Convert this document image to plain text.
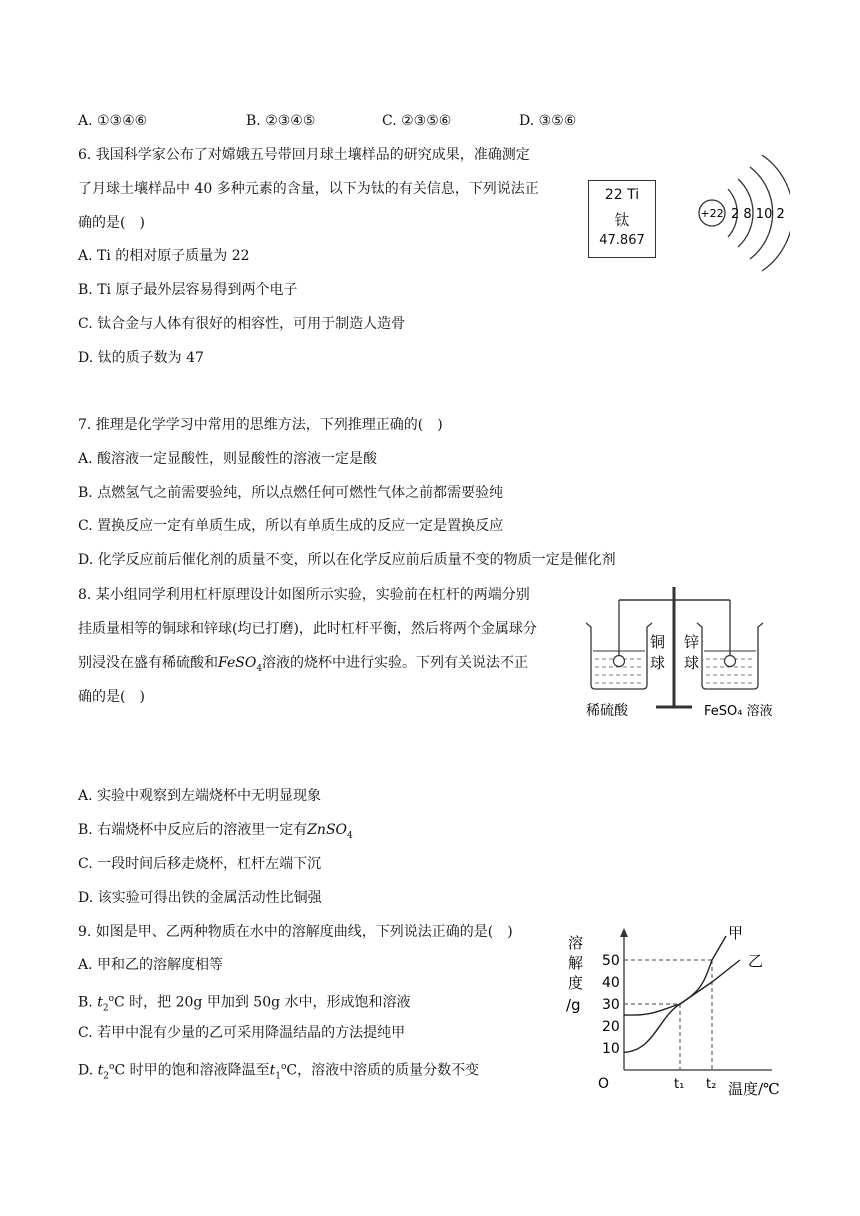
A. ①③④⑥	B. ②③④⑤	C. ②③⑤⑥	D. ③⑤⑥
6. 我国科学家公布了对嫦娥五号带回月球土壤样品的研究成果，准确测定
了月球土壤样品中 40 多种元素的含量，以下为钛的有关信息，下列说法正
确的是(　)
A. Ti 的相对原子质量为 22
B. Ti 原子最外层容易得到两个电子
C. 钛合金与人体有很好的相容性，可用于制造人造骨
D. 钛的质子数为 47
22 Ti
钛
47.867
+22 2 8 10 2
7. 推理是化学学习中常用的思维方法，下列推理正确的(　)
A. 酸溶液一定显酸性，则显酸性的溶液一定是酸
B. 点燃氢气之前需要验纯，所以点燃任何可燃性气体之前都需要验纯
C. 置换反应一定有单质生成，所以有单质生成的反应一定是置换反应
D. 化学反应前后催化剂的质量不变，所以在化学反应前后质量不变的物质一定是催化剂
8. 某小组同学利用杠杆原理设计如图所示实验，实验前在杠杆的两端分别
挂质量相等的铜球和锌球(均已打磨)，此时杠杆平衡，然后将两个金属球分
别浸没在盛有稀硫酸和FeSO$_4$溶液的烧杯中进行实验。下列有关说法不正
确的是(　)
铜
球
锌
球
稀硫酸	FeSO₄ 溶液
A. 实验中观察到左端烧杯中无明显现象
B. 右端烧杯中反应后的溶液里一定有ZnSO$_4$
C. 一段时间后移走烧杯，杠杆左端下沉
D. 该实验可得出铁的金属活动性比铜强
9. 如图是甲、乙两种物质在水中的溶解度曲线，下列说法正确的是(　)
A. 甲和乙的溶解度相等
B. $t_2^oC$ 时，把 20g 甲加到 50g 水中，形成饱和溶液
C. 若甲中混有少量的乙可采用降温结晶的方法提纯甲
D. $t_2^oC$ 时甲的饱和溶液降温至$t_1^oC$，溶液中溶质的质量分数不变
溶
解
度
/g
O	温度/℃
10
20
30
40
50
t₁ t₂
甲
乙
